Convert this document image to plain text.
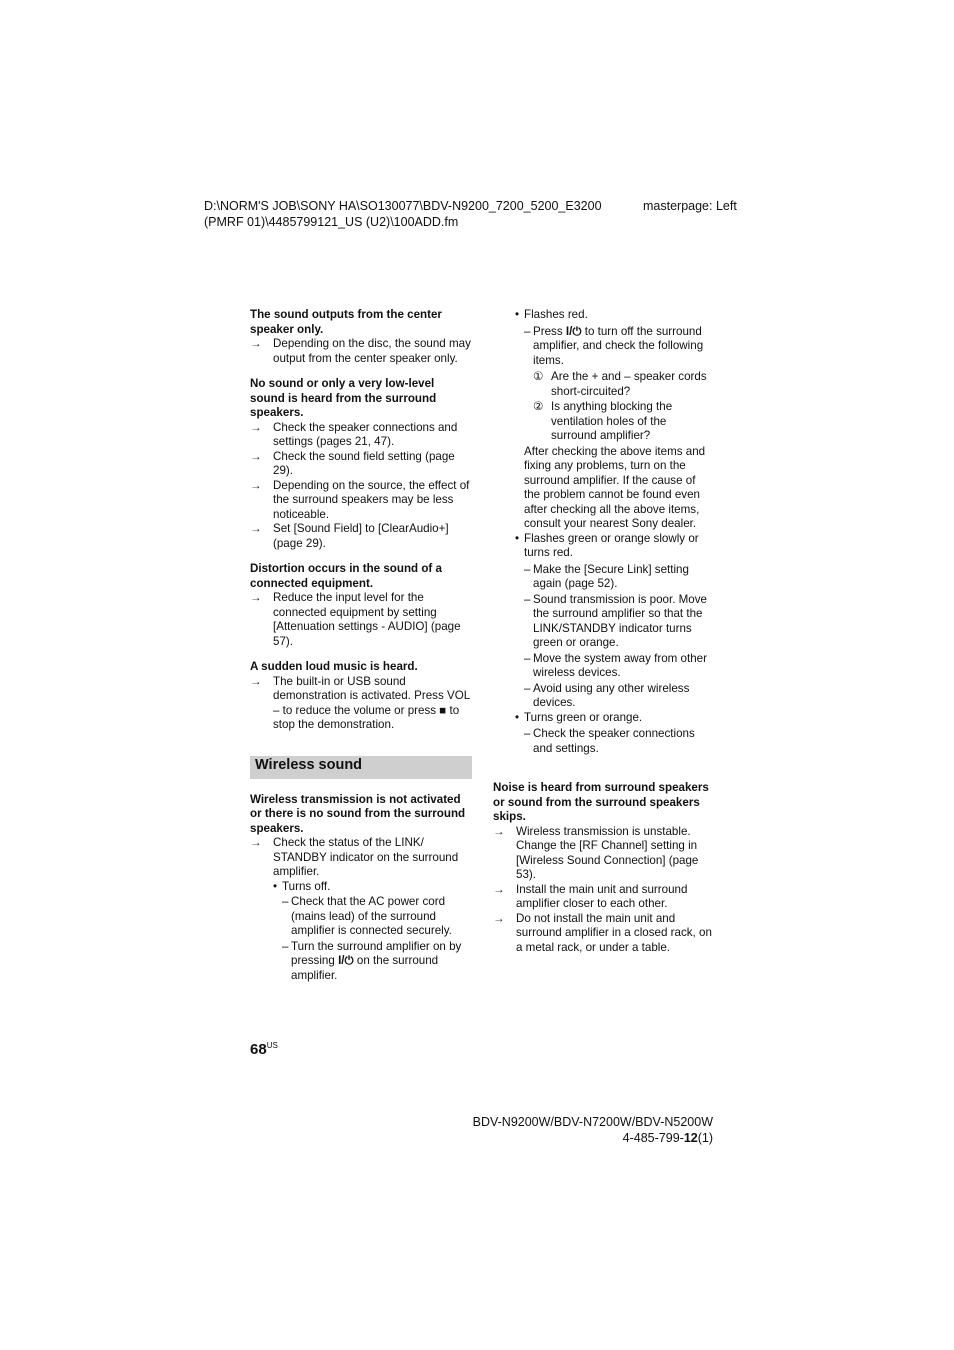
D:\NORM'S JOB\SONY HA\SO130077\BDV-N9200_7200_5200_E3200
(PMRF 01)\4485799121_US (U2)\100ADD.fm
masterpage: Left

The sound outputs from the center speaker only.

→ Depending on the disc, the sound may output from the center speaker only.

No sound or only a very low-level sound is heard from the surround speakers.

→ Check the speaker connections and settings (pages 21, 47).

→ Check the sound field setting (page 29).

→ Depending on the source, the effect of the surround speakers may be less noticeable.

→ Set [Sound Field] to [ClearAudio+] (page 29).

Distortion occurs in the sound of a connected equipment.

→ Reduce the input level for the connected equipment by setting [Attenuation settings - AUDIO] (page 57).

A sudden loud music is heard.

→ The built-in or USB sound demonstration is activated. Press VOL – to reduce the volume or press ■ to stop the demonstration.

Wireless sound

Wireless transmission is not activated or there is no sound from the surround speakers.

→ Check the status of the LINK/ STANDBY indicator on the surround amplifier.

• Turns off.

– Check that the AC power cord (mains lead) of the surround amplifier is connected securely.

– Turn the surround amplifier on by pressing I/⏻ on the surround amplifier.

• Flashes red.

– Press I/⏻ to turn off the surround amplifier, and check the following items.

① Are the + and – speaker cords short-circuited?

② Is anything blocking the ventilation holes of the surround amplifier?

After checking the above items and fixing any problems, turn on the surround amplifier. If the cause of the problem cannot be found even after checking all the above items, consult your nearest Sony dealer.

• Flashes green or orange slowly or turns red.

– Make the [Secure Link] setting again (page 52).

– Sound transmission is poor. Move the surround amplifier so that the LINK/STANDBY indicator turns green or orange.

– Move the system away from other wireless devices.

– Avoid using any other wireless devices.

• Turns green or orange.

– Check the speaker connections and settings.

Noise is heard from surround speakers or sound from the surround speakers skips.

→ Wireless transmission is unstable. Change the [RF Channel] setting in [Wireless Sound Connection] (page 53).

→ Install the main unit and surround amplifier closer to each other.

→ Do not install the main unit and surround amplifier in a closed rack, on a metal rack, or under a table.

$68^{US}$
BDV-N9200W/BDV-N7200W/BDV-N5200W
4-485-799-12(1)
